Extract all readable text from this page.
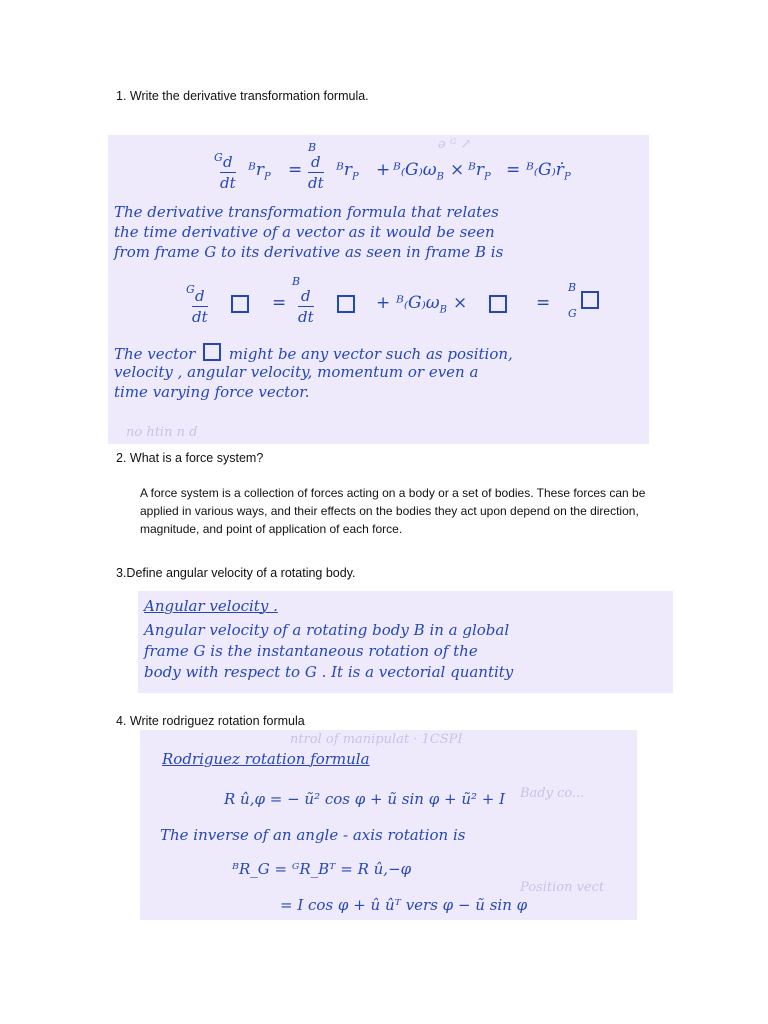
1. Write the derivative transformation formula.
ə ᴳ ↗
no htin n d
G d
dt
ᴮr$_P$ =
B
d
dt
ᴮr$_P$ + $ᴮ_(G_)\omega_B$ × ᴮr$_P$ = ᴮ₍G₎ṙ$_P$
The derivative transformation formula that relates
the time derivative of a vector as it would be seen
from frame G to its derivative as seen in frame B is
G d
dt
=
B
d
dt
+ $ᴮ_(G_)\omega_B$ ×	=
B
G
The vector might be any vector such as position,
velocity , angular velocity, momentum or even a
time varying force vector.
2. What is a force system?
A force system is a collection of forces acting on a body or a set of bodies. These forces can be applied in various ways, and their effects on the bodies they act upon depend on the direction, magnitude, and point of application of each force.
3.Define angular velocity of a rotating body.
Angular velocity .
Angular velocity of a rotating body B in a global
frame G is the instantaneous rotation of the
body with respect to G . It is a vectorial quantity
4. Write rodriguez rotation formula
ntrol of manipulat · 1CSPI
Bady co...
Position vect
Rodriguez rotation formula
R û,φ = − ũ² cos φ + ũ sin φ + ũ² + I
The inverse of an angle - axis rotation is
ᴮR_G = ᴳR_Bᵀ = R û,−φ
= I cos φ + û ûᵀ vers φ − ũ sin φ
